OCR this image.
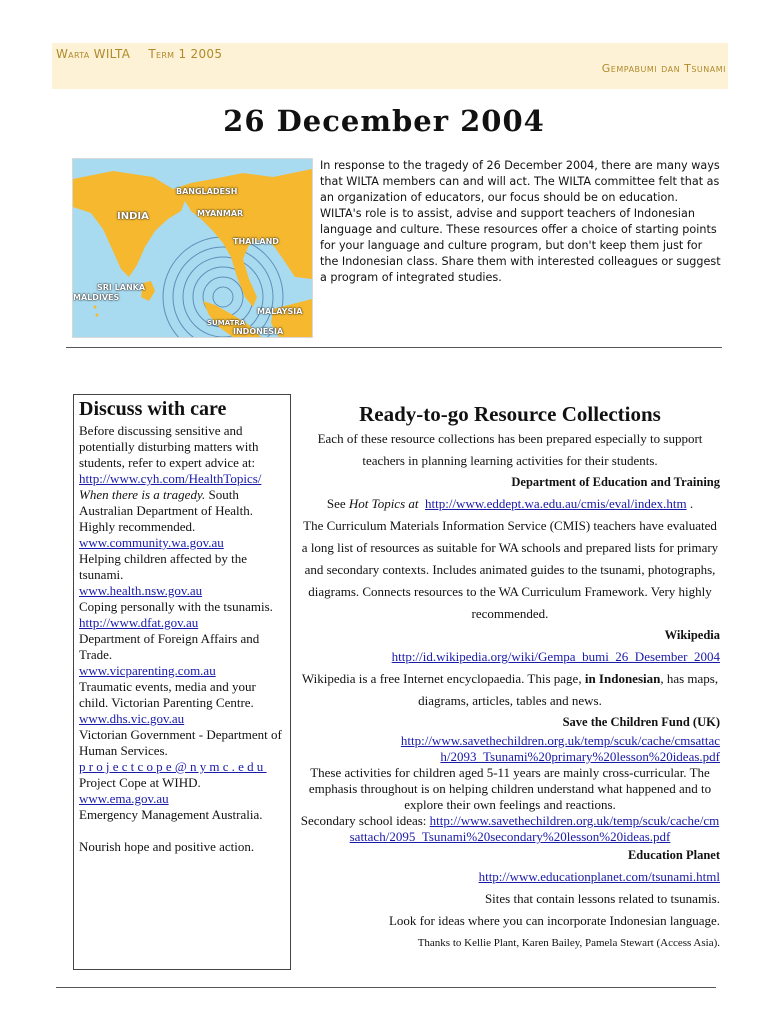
Warta WILTA Term 1 2005
Gempabumi dan Tsunami
26 December 2004
BANGLADESH
INDIA	MYANMAR
THAILAND
SRI LANKA
MALDIVES
MALAYSIA
SUMATRA
INDONESIA
In response to the tragedy of 26 December 2004, there are many ways that WILTA members can and will act. The WILTA committee felt that as an organization of educators, our focus should be on education. WILTA's role is to assist, advise and support teachers of Indonesian language and culture. These resources offer a choice of starting points for your language and culture program, but don't keep them just for the Indonesian class. Share them with interested colleagues or suggest a program of integrated studies.
Discuss with care
Before discussing sensitive and potentially disturbing matters with students, refer to expert advice at:
http://www.cyh.com/HealthTopics/
When there is a tragedy. South Australian Department of Health. Highly recommended.
www.community.wa.gov.au
Helping children affected by the tsunami.
www.health.nsw.gov.au
Coping personally with the tsunamis.
http://www.dfat.gov.au
Department of Foreign Affairs and Trade.
www.vicparenting.com.au
Traumatic events, media and your child. Victorian Parenting Centre.
www.dhs.vic.gov.au
Victorian Government - Department of Human Services.
projectcope@nymc.edu
Project Cope at WIHD.
www.ema.gov.au
Emergency Management Australia.
Nourish hope and positive action.
Ready-to-go Resource Collections

Each of these resource collections has been prepared especially to support teachers in planning learning activities for their students.

Department of Education and Training

See Hot Topics at http://www.eddept.wa.edu.au/cmis/eval/index.htm .

The Curriculum Materials Information Service (CMIS) teachers have evaluated a long list of resources as suitable for WA schools and prepared lists for primary and secondary contexts. Includes animated guides to the tsunami, photographs, diagrams. Connects resources to the WA Curriculum Framework. Very highly recommended.

Wikipedia

http://id.wikipedia.org/wiki/Gempa_bumi_26_Desember_2004

Wikipedia is a free Internet encyclopaedia. This page, in Indonesian, has maps, diagrams, articles, tables and news.

Save the Children Fund (UK)

http://www.savethechildren.org.uk/temp/scuk/cache/cmsattach/2093_Tsunami%20primary%20lesson%20ideas.pdf

These activities for children aged 5-11 years are mainly cross-curricular. The emphasis throughout is on helping children understand what happened and to explore their own feelings and reactions.

Secondary school ideas: http://www.savethechildren.org.uk/temp/scuk/cache/cmsattach/2095_Tsunami%20secondary%20lesson%20ideas.pdf

Education Planet

http://www.educationplanet.com/tsunami.html

Sites that contain lessons related to tsunamis.

Look for ideas where you can incorporate Indonesian language.

Thanks to Kellie Plant, Karen Bailey, Pamela Stewart (Access Asia).
